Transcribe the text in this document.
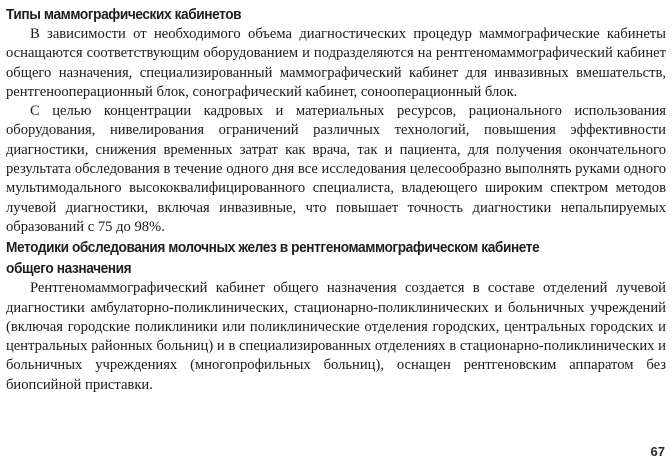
Типы маммографических кабинетов

В зависимости от необходимого объема диагностических процедур маммографические кабинеты оснащаются соответствующим оборудованием и подразделяются на рентгеномаммографический кабинет общего назначения, специализированный маммографический кабинет для инвазивных вмешательств, рентгенооперационный блок, сонографический кабинет, сонооперационный блок.

С целью концентрации кадровых и материальных ресурсов, рационального использования оборудования, нивелирования ограничений различных технологий, повышения эффективности диагностики, снижения временных затрат как врача, так и пациента, для получения окончательного результата обследования в течение одного дня все исследования целесообразно выполнять руками одного мультимодального высококвалифицированного специалиста, владеющего широким спектром методов лучевой диагностики, включая инвазивные, что повышает точность диагностики непальпируемых образований с 75 до 98%.

Методики обследования молочных желез в рентгеномаммографическом кабинете общего назначения

Рентгеномаммографический кабинет общего назначения создается в составе отделений лучевой диагностики амбулаторно-поликлинических, стационарно-поликлинических и больничных учреждений (включая городские поликлиники или поликлинические отделения городских, центральных городских и центральных районных больниц) и в специализированных отделениях в стационарно-поликлинических и больничных учреждениях (многопрофильных больниц), оснащен рентгеновским аппаратом без биопсийной приставки.

67
